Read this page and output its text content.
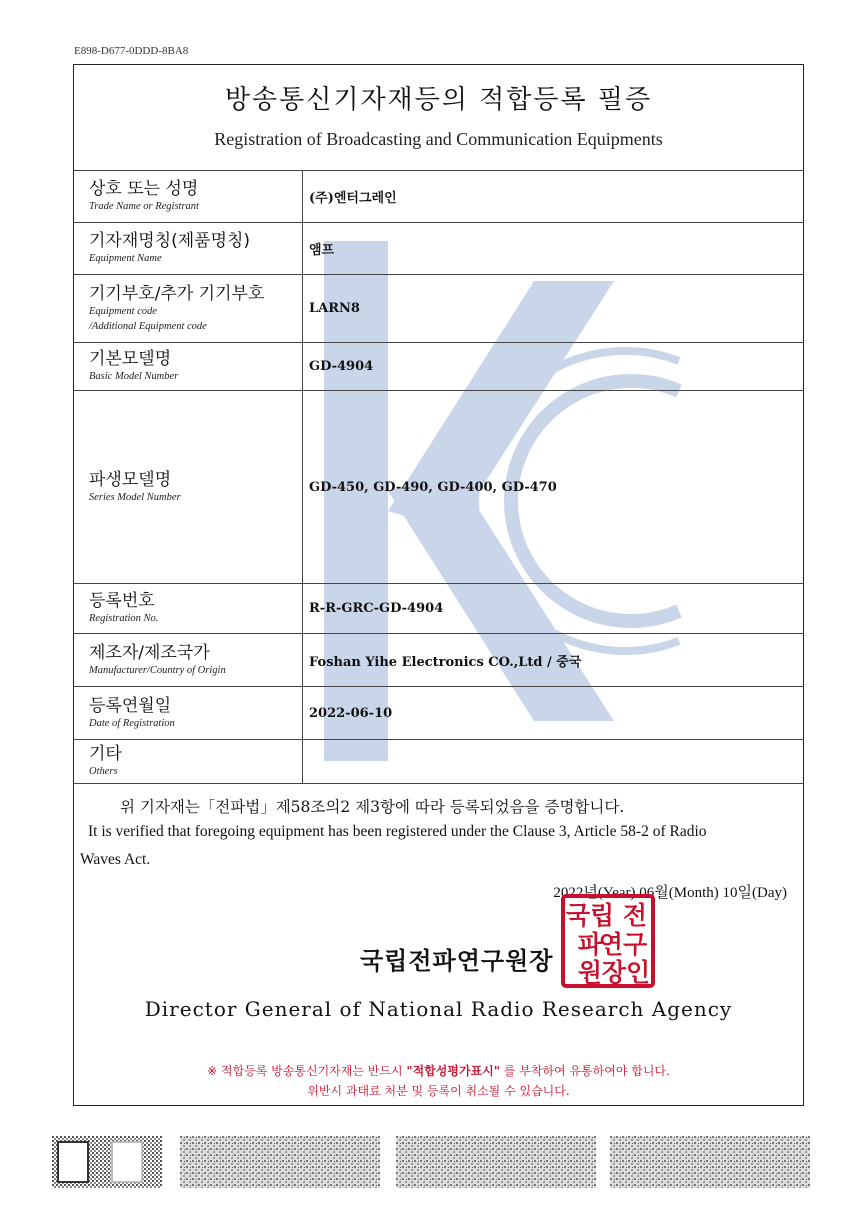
E898-D677-0DDD-8BA8
방송통신기자재등의 적합등록 필증
Registration of Broadcasting and Communication Equipments
상호 또는 성명
Trade Name or Registrant	(주)엔터그레인

기자재명칭(제품명칭)
Equipment Name	앰프

기기부호/추가 기기부호
Equipment code
/Additional Equipment code	LARN8

기본모델명
Basic Model Number	GD-4904

파생모델명
Series Model Number	GD-450, GD-490, GD-400, GD-470

등록번호
Registration No.	R-R-GRC-GD-4904

제조자/제조국가
Manufacturer/Country of Origin	Foshan Yihe Electronics CO.,Ltd / 중국

등록연월일
Date of Registration	2022-06-10

기타
Others	

위 기자재는「전파법」제58조의2 제3항에 따라 등록되었음을 증명합니다.
It is verified that foregoing equipment has been registered under the Clause 3, Article 58-2 of Radio
Waves Act.
2022년(Year) 06월(Month) 10일(Day)
국립전파연구원장
국립 전
파
연구
원 장인
Director General of National Radio Research Agency
※ 적합등록 방송통신기자재는 반드시 "적합성평가표시" 를 부착하여 유통하여야 합니다.
위반시 과태료 처분 및 등록이 취소될 수 있습니다.
